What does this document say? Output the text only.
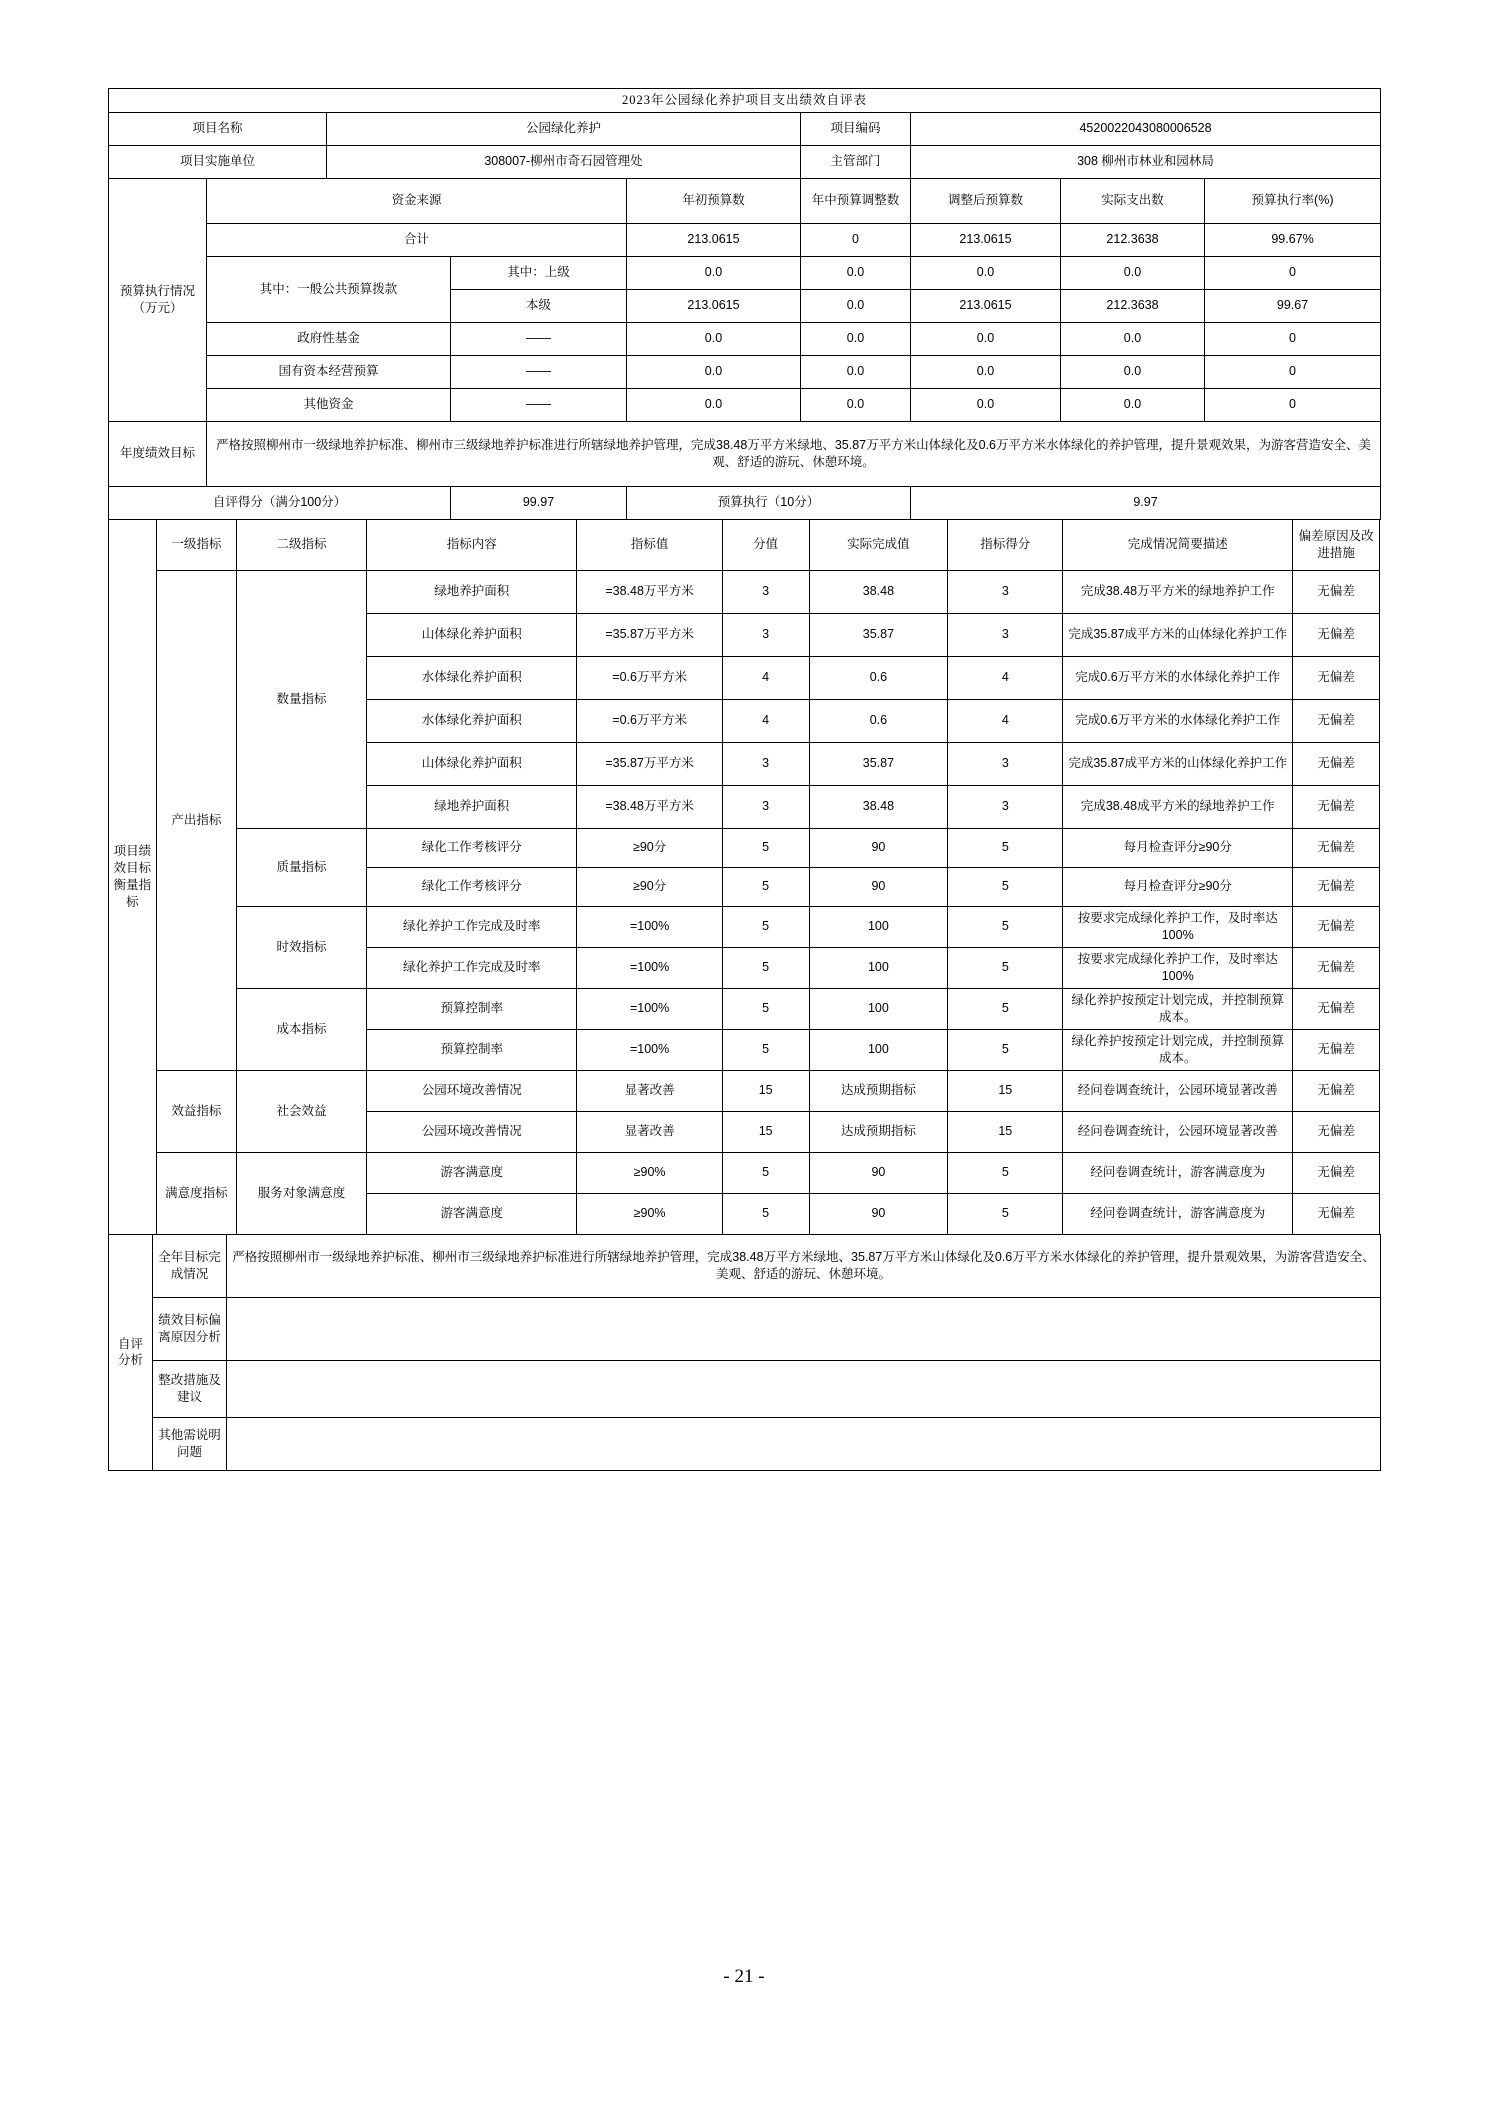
2023年公园绿化养护项目支出绩效自评表								
项目名称		公园绿化养护			项目编码	4520022043080006528		
项目实施单位		308007-柳州市奇石园管理处			主管部门	308 柳州市林业和园林局		
预算执行情况（万元）	资金来源			年初预算数	年中预算调整数	调整后预算数	实际支出数	预算执行率(%)
	合计			213.0615	0	213.0615	212.3638	99.67%
	其中：一般公共预算拨款		其中：上级	0.0	0.0	0.0	0.0	0
			本级	213.0615	0.0	213.0615	212.3638	99.67
	政府性基金		——	0.0	0.0	0.0	0.0	0
	国有资本经营预算		——	0.0	0.0	0.0	0.0	0
	其他资金		——	0.0	0.0	0.0	0.0	0
年度绩效目标	严格按照柳州市一级绿地养护标准、柳州市三级绿地养护标准进行所辖绿地养护管理，完成38.48万平方米绿地、35.87万平方米山体绿化及0.6万平方米水体绿化的养护管理，提升景观效果，为游客营造安全、美观、舒适的游玩、休憩环境。							
自评得分（满分100分）			99.97	预算执行（10分）		9.97		
项目绩效目标衡量指标	一级指标	二级指标	指标内容	指标值	分值	实际完成值	指标得分	完成情况简要描述	偏差原因及改进措施
	产出指标	数量指标	绿地养护面积	=38.48万平方米	3	38.48	3	完成38.48万平方米的绿地养护工作	无偏差
			山体绿化养护面积	=35.87万平方米	3	35.87	3	完成35.87成平方米的山体绿化养护工作	无偏差
			水体绿化养护面积	=0.6万平方米	4	0.6	4	完成0.6万平方米的水体绿化养护工作	无偏差
			水体绿化养护面积	=0.6万平方米	4	0.6	4	完成0.6万平方米的水体绿化养护工作	无偏差
			山体绿化养护面积	=35.87万平方米	3	35.87	3	完成35.87成平方米的山体绿化养护工作	无偏差
			绿地养护面积	=38.48万平方米	3	38.48	3	完成38.48成平方米的绿地养护工作	无偏差
		质量指标	绿化工作考核评分	≥90分	5	90	5	每月检查评分≥90分	无偏差
			绿化工作考核评分	≥90分	5	90	5	每月检查评分≥90分	无偏差
		时效指标	绿化养护工作完成及时率	=100%	5	100	5	按要求完成绿化养护工作，及时率达100%	无偏差
			绿化养护工作完成及时率	=100%	5	100	5	按要求完成绿化养护工作，及时率达100%	无偏差
		成本指标	预算控制率	=100%	5	100	5	绿化养护按预定计划完成，并控制预算成本。	无偏差
			预算控制率	=100%	5	100	5	绿化养护按预定计划完成，并控制预算成本。	无偏差
	效益指标	社会效益	公园环境改善情况	显著改善	15	达成预期指标	15	经问卷调查统计，公园环境显著改善	无偏差
			公园环境改善情况	显著改善	15	达成预期指标	15	经问卷调查统计，公园环境显著改善	无偏差
	满意度指标	服务对象满意度	游客满意度	≥90%	5	90	5	经问卷调查统计，游客满意度为	无偏差
			游客满意度	≥90%	5	90	5	经问卷调查统计，游客满意度为	无偏差
自评分析	全年目标完成情况	严格按照柳州市一级绿地养护标准、柳州市三级绿地养护标准进行所辖绿地养护管理，完成38.48万平方米绿地、35.87万平方米山体绿化及0.6万平方米水体绿化的养护管理，提升景观效果，为游客营造安全、美观、舒适的游玩、休憩环境。
	绩效目标偏离原因分析	
	整改措施及建议	
	其他需说明问题	
- 21 -
